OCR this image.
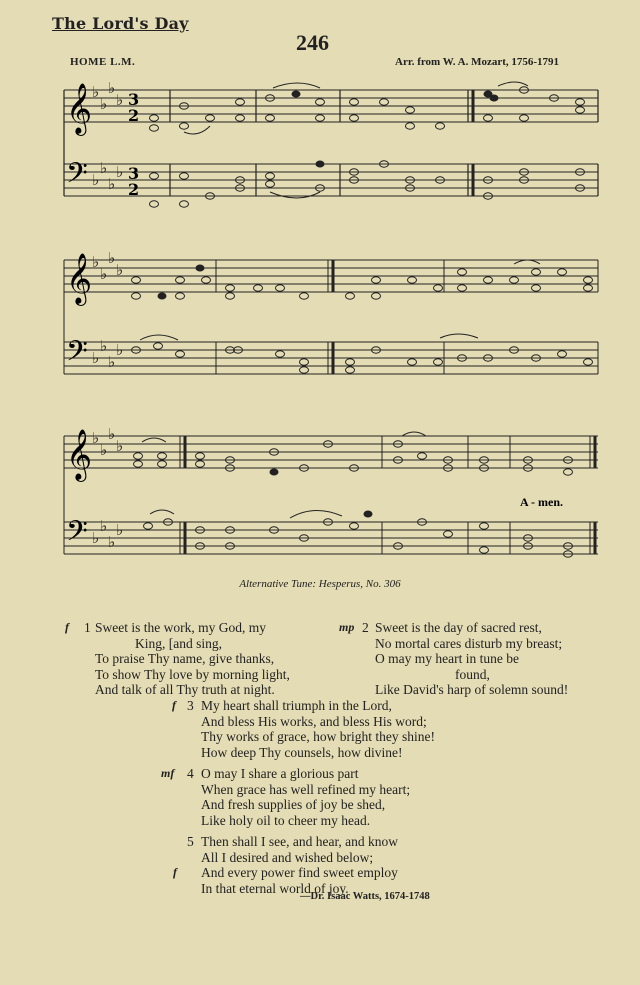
The Lord's Day
246
HOME L.M.	Arr. from W. A. Mozart, 1756-1791
𝄞
𝄢
♭
♭
♭
♭
♭
♭
♭
♭
3
2
3
2
𝄞
𝄢
♭
♭
♭
♭
♭
♭
♭
♭
𝄞
𝄢
♭
♭
♭
♭
♭
♭
♭
♭
A - men.
Alternative Tune: Hesperus, No. 306
f 1 Sweet is the work, my God, my
King, [and sing,
To praise Thy name, give thanks,
To show Thy love by morning light,
And talk of all Thy truth at night.
mp 2 Sweet is the day of sacred rest,
No mortal cares disturb my breast;
O may my heart in tune be
found,
Like David's harp of solemn sound!
f 3 My heart shall triumph in the Lord,
And bless His works, and bless His word;
Thy works of grace, how bright they shine!
How deep Thy counsels, how divine!
mf 4 O may I share a glorious part
When grace has well refined my heart;
And fresh supplies of joy be shed,
Like holy oil to cheer my head.
5
f
Then shall I see, and hear, and know
All I desired and wished below;
And every power find sweet employ
In that eternal world of joy.
—Dr. Isaac Watts, 1674-1748
